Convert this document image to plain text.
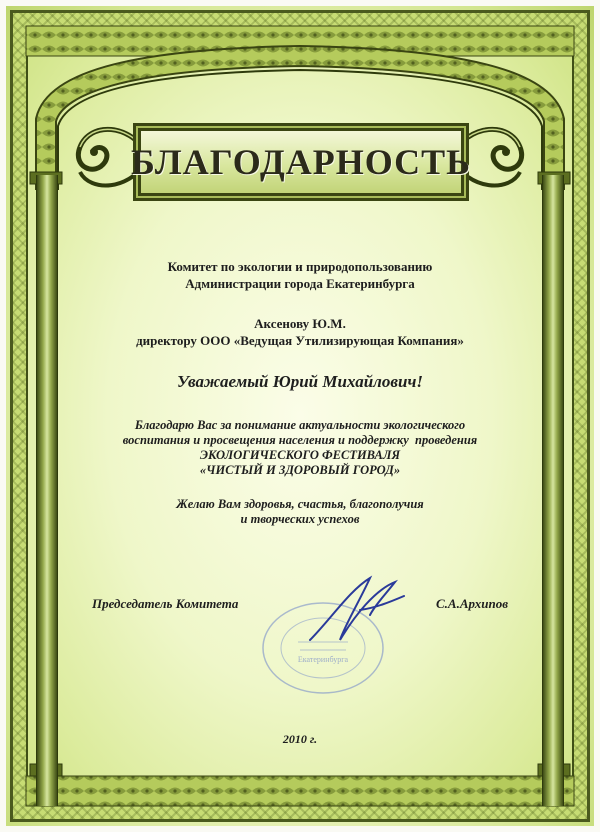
БЛАГОДАРНОСТЬ
Комитет по экологии и природопользованию
Администрации города Екатеринбурга
Аксенову Ю.М.
директору ООО «Ведущая Утилизирующая Компания»
Уважаемый Юрий Михайлович!
Благодарю Вас за понимание актуальности экологического
воспитания и просвещения населения и поддержку  проведения
ЭКОЛОГИЧЕСКОГО ФЕСТИВАЛЯ
«ЧИСТЫЙ И ЗДОРОВЫЙ ГОРОД»
Желаю Вам здоровья, счастья, благополучия
и творческих успехов
Екатеринбурга
Председатель Комитета	С.А.Архипов
2010 г.
